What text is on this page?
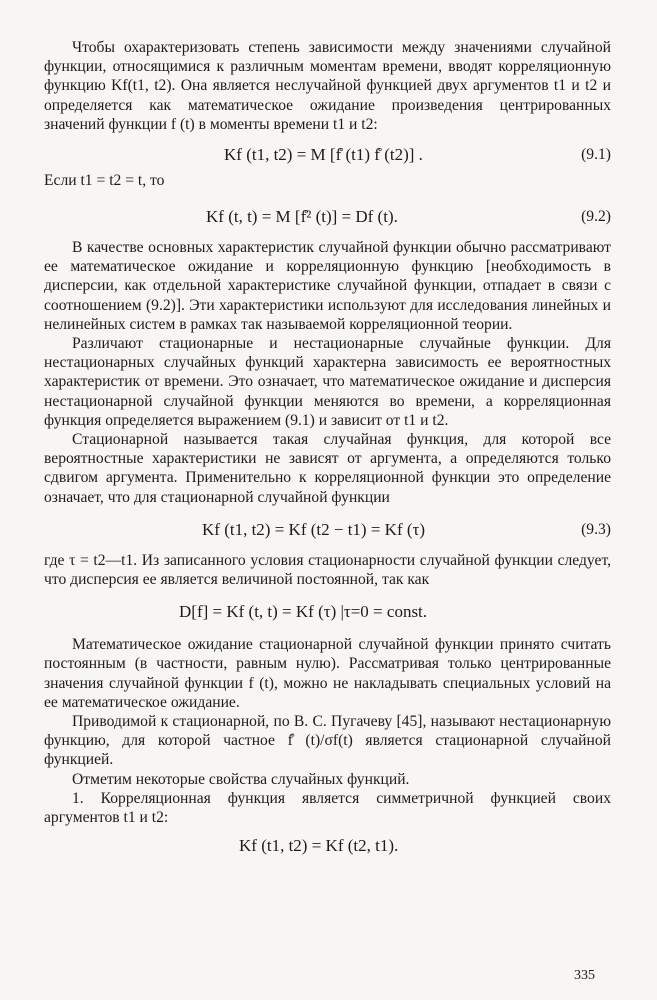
Чтобы охарактеризовать степень зависимости между значениями случайной функции, относящимися к различным моментам времени, вводят корреляционную функцию Kf(t1, t2). Она является неслучайной функцией двух аргументов t1 и t2 и определяется как математическое ожидание произведения центрированных значений функции f (t) в моменты времени t1 и t2:

Kf (t1, t2) = M [f̊ (t1) f̊ (t2)] .	(9.1)

Если t1 = t2 = t, то

Kf (t, t) = M [f̊² (t)] = Df (t).	(9.2)

В качестве основных характеристик случайной функции обычно рассматривают ее математическое ожидание и корреляционную функцию [необходимость в дисперсии, как отдельной характеристике случайной функции, отпадает в связи с соотношением (9.2)]. Эти характеристики используют для исследования линейных и нелинейных систем в рамках так называемой корреляционной теории.

Различают стационарные и нестационарные случайные функции. Для нестационарных случайных функций характерна зависимость ее вероятностных характеристик от времени. Это означает, что математическое ожидание и дисперсия нестационарной случайной функции меняются во времени, а корреляционная функция определяется выражением (9.1) и зависит от t1 и t2.

Стационарной называется такая случайная функция, для которой все вероятностные характеристики не зависят от аргумента, а определяются только сдвигом аргумента. Применительно к корреляционной функции это определение означает, что для стационарной случайной функции

Kf (t1, t2) = Kf (t2 − t1) = Kf (τ)	(9.3)

где τ = t2—t1. Из записанного условия стационарности случайной функции следует, что дисперсия ее является величиной постоянной, так как

D[f] = Kf (t, t) = Kf (τ) |τ=0 = const.

Математическое ожидание стационарной случайной функции принято считать постоянным (в частности, равным нулю). Рассматривая только центрированные значения случайной функции f (t), можно не накладывать специальных условий на ее математическое ожидание.

Приводимой к стационарной, по В. С. Пугачеву [45], называют нестационарную функцию, для которой частное f̊ (t)/σf(t) является стационарной случайной функцией.

Отметим некоторые свойства случайных функций.

1. Корреляционная функция является симметричной функцией своих аргументов t1 и t2:

Kf (t1, t2) = Kf (t2, t1).
335
